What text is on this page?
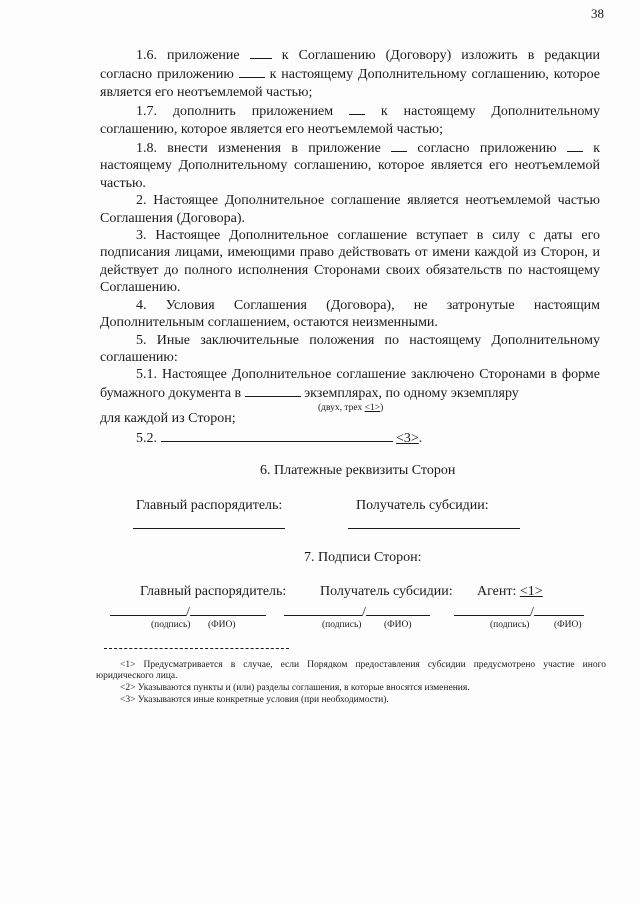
38

1.6. приложение	к Соглашению (Договору) изложить в редакции согласно приложению	к настоящему Дополнительному соглашению, которое является его неотъемлемой частью;

1.7. дополнить приложением	к настоящему Дополнительному соглашению, которое является его неотъемлемой частью;

1.8. внести изменения в приложение	согласно приложению	к настоящему Дополнительному соглашению, которое является его неотъемлемой частью.

2. Настоящее Дополнительное соглашение является неотъемлемой частью Соглашения (Договора).

3. Настоящее Дополнительное соглашение вступает в силу с даты его подписания лицами, имеющими право действовать от имени каждой из Сторон, и действует до полного исполнения Сторонами своих обязательств по настоящему Соглашению.

4. Условия Соглашения (Договора), не затронутые настоящим Дополнительным соглашением, остаются неизменными.

5. Иные заключительные положения по настоящему Дополнительному соглашению:

5.1. Настоящее Дополнительное соглашение заключено Сторонами в форме бумажного документа в	экземплярах, по одному экземпляру

(двух, трех <1>)

для каждой из Сторон;

5.2.	<3>.
6. Платежные реквизиты Сторон
Главный распорядитель:	Получатель субсидии:
7. Подписи Сторон:
Главный распорядитель: Получатель субсидии: Агент: <1>
/	/	/
(подпись) (ФИО)	(подпись) (ФИО)	(подпись)	(ФИО)

<1> Предусматривается в случае, если Порядком предоставления субсидии предусмотрено участие иного юридического лица.

<2> Указываются пункты и (или) разделы соглашения, в которые вносятся изменения.

<3> Указываются иные конкретные условия (при необходимости).
